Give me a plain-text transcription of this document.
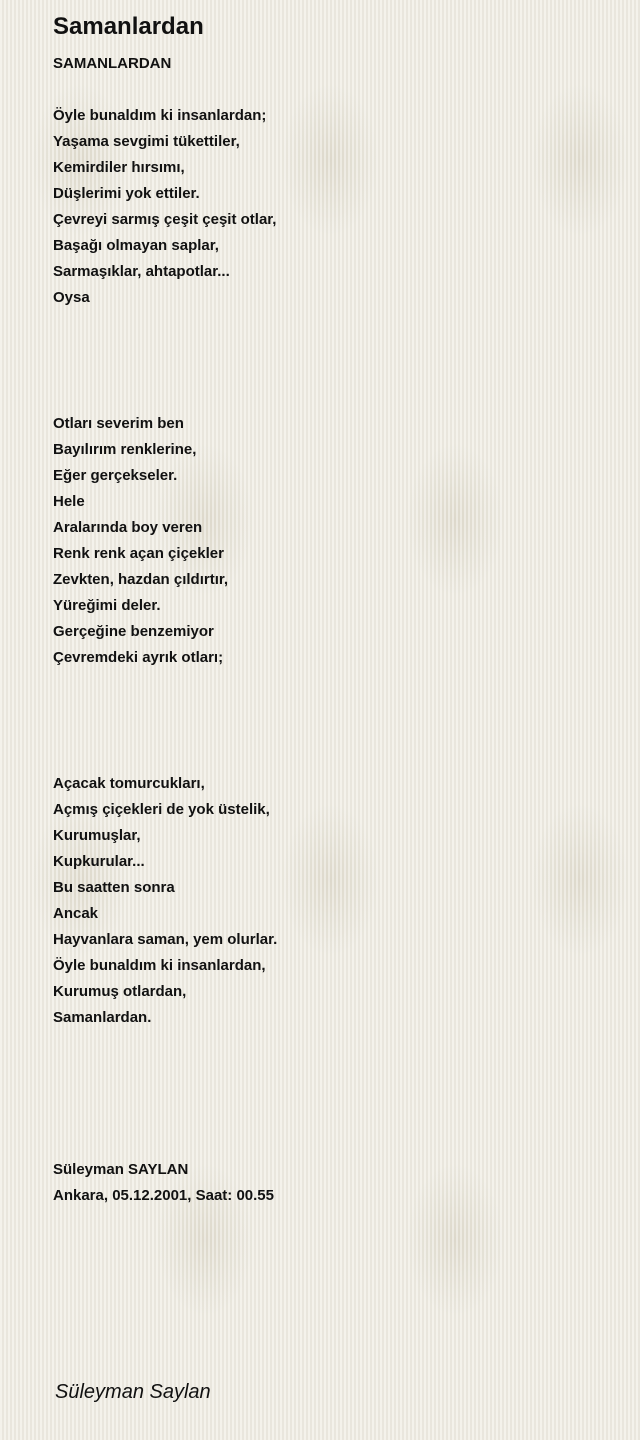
Samanlardan
SAMANLARDAN
Öyle bunaldım ki insanlardan;
Yaşama sevgimi tükettiler,
Kemirdiler hırsımı,
Düşlerimi yok ettiler.
Çevreyi sarmış çeşit çeşit otlar,
Başağı olmayan saplar,
Sarmaşıklar, ahtapotlar...
Oysa
Otları severim ben
Bayılırım renklerine,
Eğer gerçekseler.
Hele
Aralarında boy veren
Renk renk açan çiçekler
Zevkten, hazdan çıldırtır,
Yüreğimi deler.
Gerçeğine benzemiyor
Çevremdeki ayrık otları;
Açacak tomurcukları,
Açmış çiçekleri de yok üstelik,
Kurumuşlar,
Kupkurular...
Bu saatten sonra
Ancak
Hayvanlara saman, yem olurlar.
Öyle bunaldım ki insanlardan,
Kurumuş otlardan,
Samanlardan.
Süleyman SAYLAN
Ankara, 05.12.2001, Saat: 00.55
Süleyman Saylan
